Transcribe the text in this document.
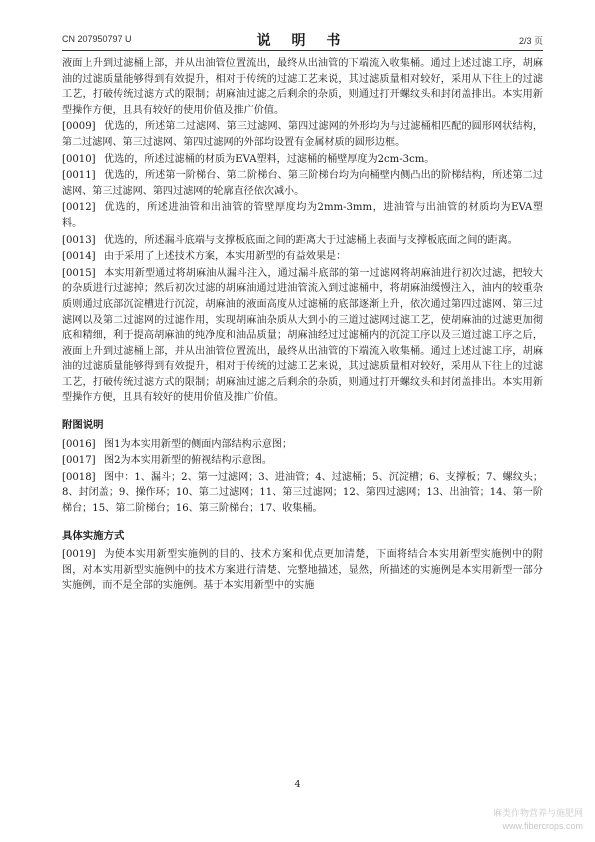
CN 207950797 U	说 明 书	2/3 页

液面上升到过滤桶上部，并从出油管位置流出，最终从出油管的下端流入收集桶。通过上述过滤工序，胡麻油的过滤质量能够得到有效提升，相对于传统的过滤工艺来说，其过滤质量相对较好，采用从下往上的过滤工艺，打破传统过滤方式的限制；胡麻油过滤之后剩余的杂质，则通过打开螺纹头和封闭盖排出。本实用新型操作方便，且具有较好的使用价值及推广价值。

[0009] 优选的，所述第二过滤网、第三过滤网、第四过滤网的外形均为与过滤桶相匹配的圆形网状结构，第二过滤网、第三过滤网、第四过滤网的外部均设置有金属材质的圆形边框。

[0010] 优选的，所述过滤桶的材质为EVA塑料，过滤桶的桶壁厚度为2cm-3cm。

[0011] 优选的，所述第一阶梯台、第二阶梯台、第三阶梯台均为向桶壁内侧凸出的阶梯结构，所述第二过滤网、第三过滤网、第四过滤网的轮廓直径依次减小。

[0012] 优选的，所述进油管和出油管的管壁厚度均为2mm-3mm，进油管与出油管的材质均为EVA塑料。

[0013] 优选的，所述漏斗底端与支撑板底面之间的距离大于过滤桶上表面与支撑板底面之间的距离。

[0014] 由于采用了上述技术方案，本实用新型的有益效果是：

[0015] 本实用新型通过将胡麻油从漏斗注入，通过漏斗底部的第一过滤网将胡麻油进行初次过滤，把较大的杂质进行过滤掉；然后初次过滤的胡麻油通过进油管流入到过滤桶中，将胡麻油缓慢注入，油内的较重杂质则通过底部沉淀槽进行沉淀，胡麻油的液面高度从过滤桶的底部逐渐上升，依次通过第四过滤网、第三过滤网以及第二过滤网的过滤作用，实现胡麻油杂质从大到小的三道过滤网过滤工艺，使胡麻油的过滤更加彻底和精细，利于提高胡麻油的纯净度和油品质量；胡麻油经过过滤桶内的沉淀工序以及三道过滤工序之后，液面上升到过滤桶上部，并从出油管位置流出，最终从出油管的下端流入收集桶。通过上述过滤工序，胡麻油的过滤质量能够得到有效提升，相对于传统的过滤工艺来说，其过滤质量相对较好，采用从下往上的过滤工艺，打破传统过滤方式的限制；胡麻油过滤之后剩余的杂质，则通过打开螺纹头和封闭盖排出。本实用新型操作方便，且具有较好的使用价值及推广价值。

附图说明

[0016] 图1为本实用新型的侧面内部结构示意图；

[0017] 图2为本实用新型的俯视结构示意图。

[0018] 图中：1、漏斗；2、第一过滤网；3、进油管；4、过滤桶；5、沉淀槽；6、支撑板；7、螺纹头；8、封闭盖；9、操作环；10、第二过滤网；11、第三过滤网；12、第四过滤网；13、出油管；14、第一阶梯台；15、第二阶梯台；16、第三阶梯台；17、收集桶。

具体实施方式

[0019] 为使本实用新型实施例的目的、技术方案和优点更加清楚，下面将结合本实用新型实施例中的附图，对本实用新型实施例中的技术方案进行清楚、完整地描述，显然，所描述的实施例是本实用新型一部分实施例，而不是全部的实施例。基于本实用新型中的实施

4
麻类作物营养与施肥网
www.fibercrops.com
